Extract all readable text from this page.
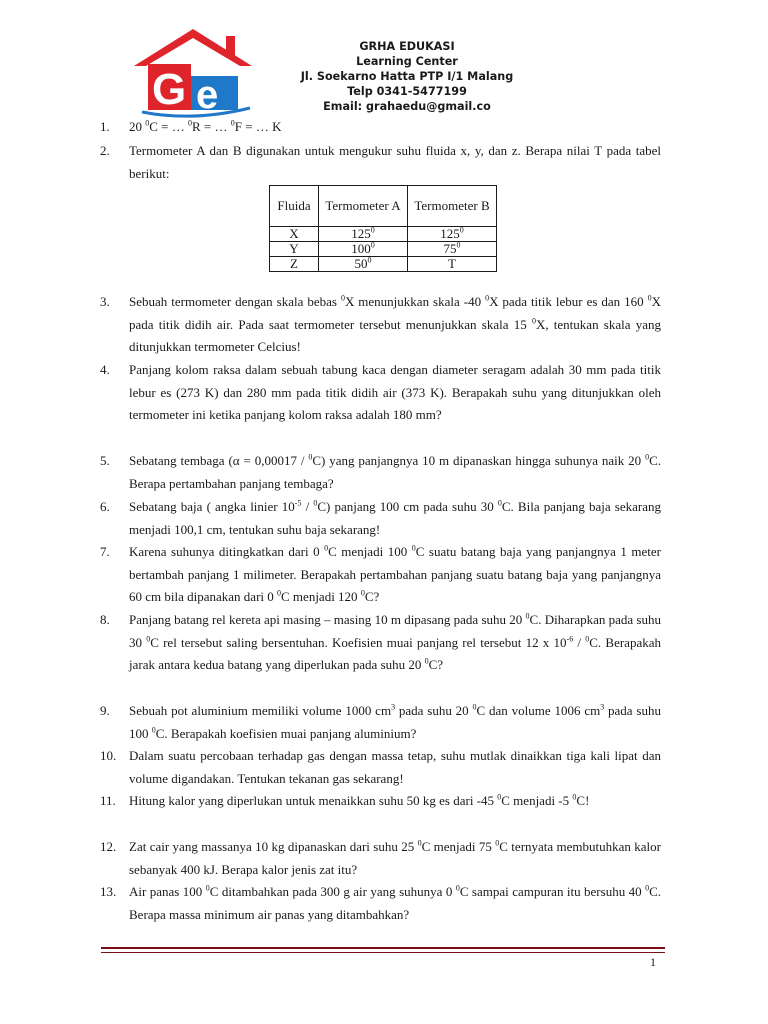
G e
GRHA EDUKASI
Learning Center
Jl. Soekarno Hatta PTP I/1 Malang
Telp 0341-5477199
Email: grahaedu@gmail.co
1.	20 $^0$C = … $^0$R = … $^0$F = … K
2.	Termometer A dan B digunakan untuk mengukur suhu fluida x, y, dan z. Berapa nilai T pada tabel berikut:
Fluida	Termometer A	Termometer B
X	$125^0$	$125^0$
Y	$100^0$	$75^0$
Z	$50^0$	T
3.	Sebuah termometer dengan skala bebas $^0$X menunjukkan skala -40 $^0$X pada titik lebur es dan 160 $^0$X pada titik didih air. Pada saat termometer tersebut menunjukkan skala 15 $^0$X, tentukan skala yang ditunjukkan termometer Celcius!
4.	Panjang kolom raksa dalam sebuah tabung kaca dengan diameter seragam adalah 30 mm pada titik lebur es (273 K) dan 280 mm pada titik didih air (373 K). Berapakah suhu yang ditunjukkan oleh termometer ini ketika panjang kolom raksa adalah 180 mm?
5.	Sebatang tembaga (α = 0,00017 / $^0$C) yang panjangnya 10 m dipanaskan hingga suhunya naik 20 $^0$C. Berapa pertambahan panjang tembaga?
6.	Sebatang baja ( angka linier $10^{-5} / ^0C$) panjang 100 cm pada suhu 30 $^0$C. Bila panjang baja sekarang menjadi 100,1 cm, tentukan suhu baja sekarang!
7.	Karena suhunya ditingkatkan dari 0 $^0$C menjadi 100 $^0$C suatu batang baja yang panjangnya 1 meter bertambah panjang 1 milimeter. Berapakah pertambahan panjang suatu batang baja yang panjangnya 60 cm bila dipanakan dari 0 $^0$C menjadi 120 $^0$C?
8.	Panjang batang rel kereta api masing – masing 10 m dipasang pada suhu 20 $^0$C. Diharapkan pada suhu 30 $^0$C rel tersebut saling bersentuhan. Koefisien muai panjang rel tersebut 12 x $10^{-6} / ^0C$. Berapakah jarak antara kedua batang yang diperlukan pada suhu 20 $^0$C?
9.	Sebuah pot aluminium memiliki volume 1000 $cm^3$ pada suhu 20 $^0$C dan volume 1006 $cm^3$ pada suhu 100 $^0$C. Berapakah koefisien muai panjang aluminium?
10. Dalam suatu percobaan terhadap gas dengan massa tetap, suhu mutlak dinaikkan tiga kali lipat dan volume digandakan. Tentukan tekanan gas sekarang!
11.	Hitung kalor yang diperlukan untuk menaikkan suhu 50 kg es dari -45 $^0$C menjadi -5 $^0$C!
12. Zat cair yang massanya 10 kg dipanaskan dari suhu 25 $^0$C menjadi 75 $^0$C ternyata membutuhkan kalor sebanyak 400 kJ. Berapa kalor jenis zat itu?
13. Air panas 100 $^0$C ditambahkan pada 300 g air yang suhunya 0 $^0$C sampai campuran itu bersuhu 40 $^0$C. Berapa massa minimum air panas yang ditambahkan?
1
